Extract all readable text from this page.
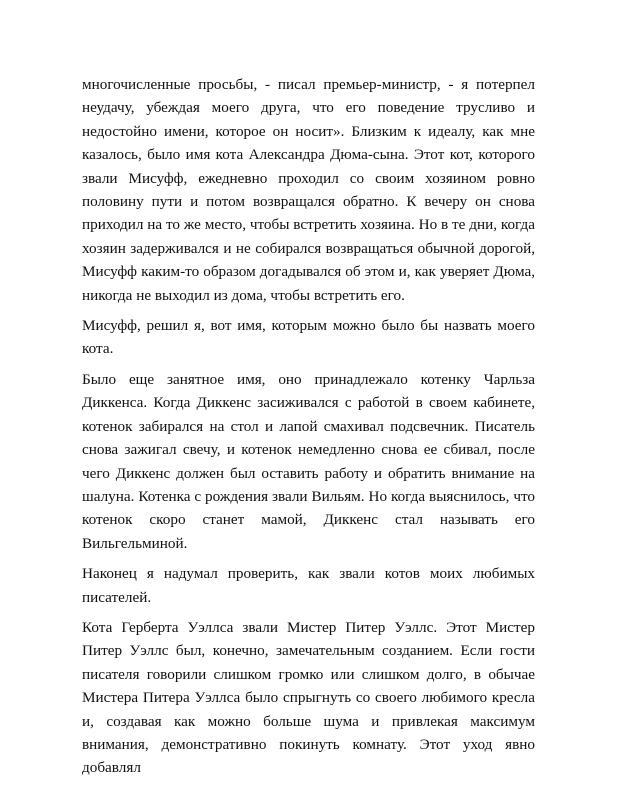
многочисленные просьбы, - писал премьер-министр, - я потерпел неудачу, убеждая моего друга, что его поведение трусливо и недостойно имени, которое он носит». Близким к идеалу, как мне казалось, было имя кота Александра Дюма-сына. Этот кот, которого звали Мисуфф, ежедневно проходил со своим хозяином ровно половину пути и потом возвращался обратно. К вечеру он снова приходил на то же место, чтобы встретить хозяина. Но в те дни, когда хозяин задерживался и не собирался возвращаться обычной дорогой, Мисуфф каким-то образом догадывался об этом и, как уверяет Дюма, никогда не выходил из дома, чтобы встретить его.

Мисуфф, решил я, вот имя, которым можно было бы назвать моего кота.

Было еще занятное имя, оно принадлежало котенку Чарльза Диккенса. Когда Диккенс засиживался с работой в своем кабинете, котенок забирался на стол и лапой смахивал подсвечник. Писатель снова зажигал свечу, и котенок немедленно снова ее сбивал, после чего Диккенс должен был оставить работу и обратить внимание на шалуна. Котенка с рождения звали Вильям. Но когда выяснилось, что котенок скоро станет мамой, Диккенс стал называть его Вильгельминой.

Наконец я надумал проверить, как звали котов моих любимых писателей.

Кота Герберта Уэллса звали Мистер Питер Уэллс. Этот Мистер Питер Уэллс был, конечно, замечательным созданием. Если гости писателя говорили слишком громко или слишком долго, в обычае Мистера Питера Уэллса было спрыгнуть со своего любимого кресла и, создавая как можно больше шума и привлекая максимум внимания, демонстративно покинуть комнату. Этот уход явно добавлял
